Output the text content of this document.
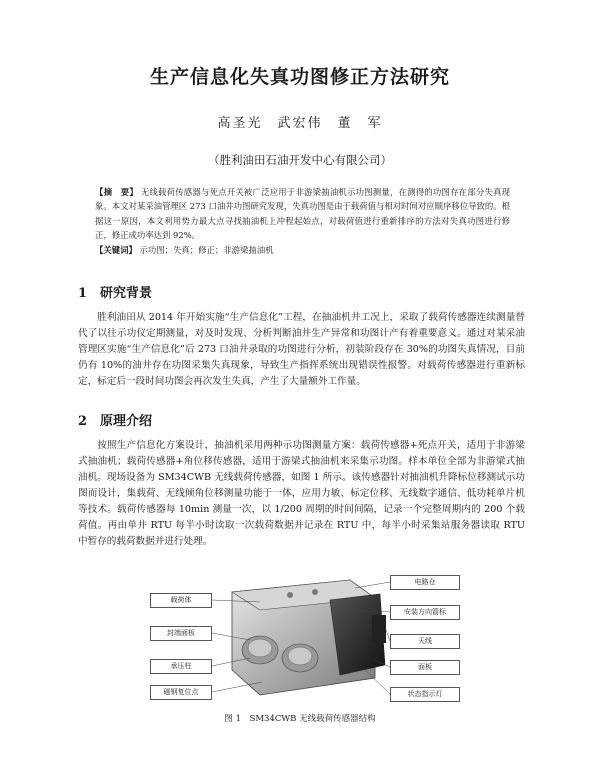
生产信息化失真功图修正方法研究
高圣光　武宏伟　董　军
（胜利油田石油开发中心有限公司）
【摘　要】 无线载荷传感器与死点开关被广泛应用于非游梁抽油机示功图测量，在测得的功图存在部分失真现象。本文对某采油管理区 273 口油井功图研究发现，失真功图是由于载荷值与相对时间对应顺序移位导致的。根据这一原因，本文利用势力最大点寻找抽油机上冲程起始点，对载荷值进行重新排序的方法对失真功图进行修正，修正成功率达到 92%。
【关键词】 示功图；失真；修正；非游梁抽油机
1 研究背景
胜利油田从 2014 年开始实施“生产信息化”工程，在抽油机井工况上，采取了载荷传感器连续测量替代了以往示功仪定期测量，对及时发现、分析判断油井生产异常和功图计产有着重要意义。通过对某采油管理区实施“生产信息化”后 273 口油井录取的功图进行分析，初装阶段存在 30%的功图失真情况，目前仍有 10%的油井存在功图采集失真现象，导致生产指挥系统出现错误性报警。对载荷传感器进行重新标定，标定后一段时间功图会再次发生失真，产生了大量额外工作量。
2 原理介绍
按照生产信息化方案设计，抽油机采用两种示功图测量方案：载荷传感器+死点开关，适用于非游梁式抽油机；载荷传感器+角位移传感器，适用于游梁式抽油机来采集示功图。样本单位全部为非游梁式抽油机。现场设备为 SM34CWB 无线载荷传感器，如图 1 所示。该传感器针对抽油机升降标位移测试示功图而设计，集载荷、无线倾角位移测量功能于一体，应用力敏、标定位移、无线数字通信、低功耗单片机等技术。载荷传感器每 10min 测量一次，以 1/200 周期的时间间隔，记录一个完整周期内的 200 个载荷值。再由单井 RTU 每半小时读取一次载荷数据并记录在 RTU 中，每半小时采集站服务器读取 RTU 中暂存的载荷数据并进行处理。
载荷体
封端面板
承压柱
磁钢复位点
电路仓
安装方向箭标
天线
面板
状态指示灯
图 1　SM34CWB 无线载荷传感器结构
